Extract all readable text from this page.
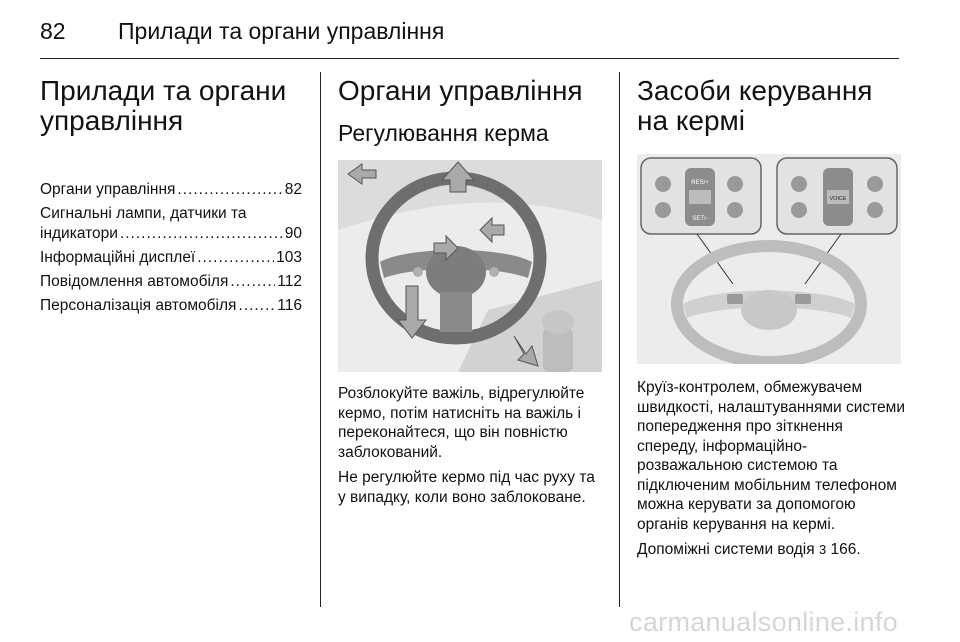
82 Прилади та органи управління
Прилади та органи управління
Органи управління .....	82
Сигнальні лампи, датчики та
індикатори .....	90
Інформаційні дисплеї .....	103
Повідомлення автомобіля .....	112
Персоналізація автомобіля .....	116
Органи управління
Регулювання керма

Розблокуйте важіль, відрегулюйте кермо, потім натисніть на важіль і переконайтеся, що він повністю заблокований.

Не регулюйте кермо під час руху та у випадку, коли воно заблоковане.

Засоби керування на кермі
RES/+
SET/-
VOICE

Круїз-контролем, обмежувачем швидкості, налаштуваннями системи попередження про зіткнення спереду, інформаційно-розважальною системою та підключеним мобільним телефоном можна керувати за допомогою органів керування на кермі.

Допоміжні системи водія 3 166.

carmanualsonline.info
